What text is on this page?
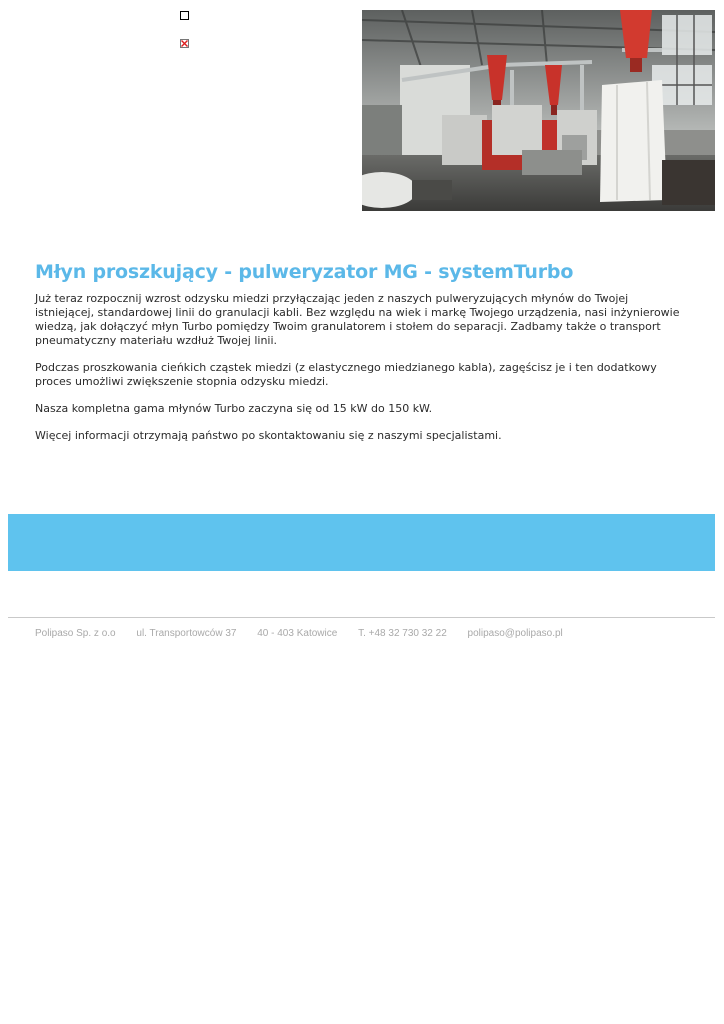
Młyn proszkujący - pulweryzator MG - systemTurbo

Już teraz rozpocznij wzrost odzysku miedzi przyłączając jeden z naszych pulweryzujących młynów do Twojej istniejącej, standardowej linii do granulacji kabli. Bez względu na wiek i markę Twojego urządzenia, nasi inżynierowie wiedzą, jak dołączyć młyn Turbo pomiędzy Twoim granulatorem i stołem do separacji. Zadbamy także o transport pneumatyczny materiału wzdłuż Twojej linii.

Podczas proszkowania cieńkich cząstek miedzi (z elastycznego miedzianego kabla), zagęścisz je i ten dodatkowy proces umożliwi zwiększenie stopnia odzysku miedzi.

Nasza kompletna gama młynów Turbo zaczyna się od 15 kW do 150 kW.

Więcej informacji otrzymają państwo po skontaktowaniu się z naszymi specjalistami.

Polipaso Sp. z o.o ul. Transportowców 37 40 - 403 Katowice T. +48 32 730 32 22 polipaso@polipaso.pl
